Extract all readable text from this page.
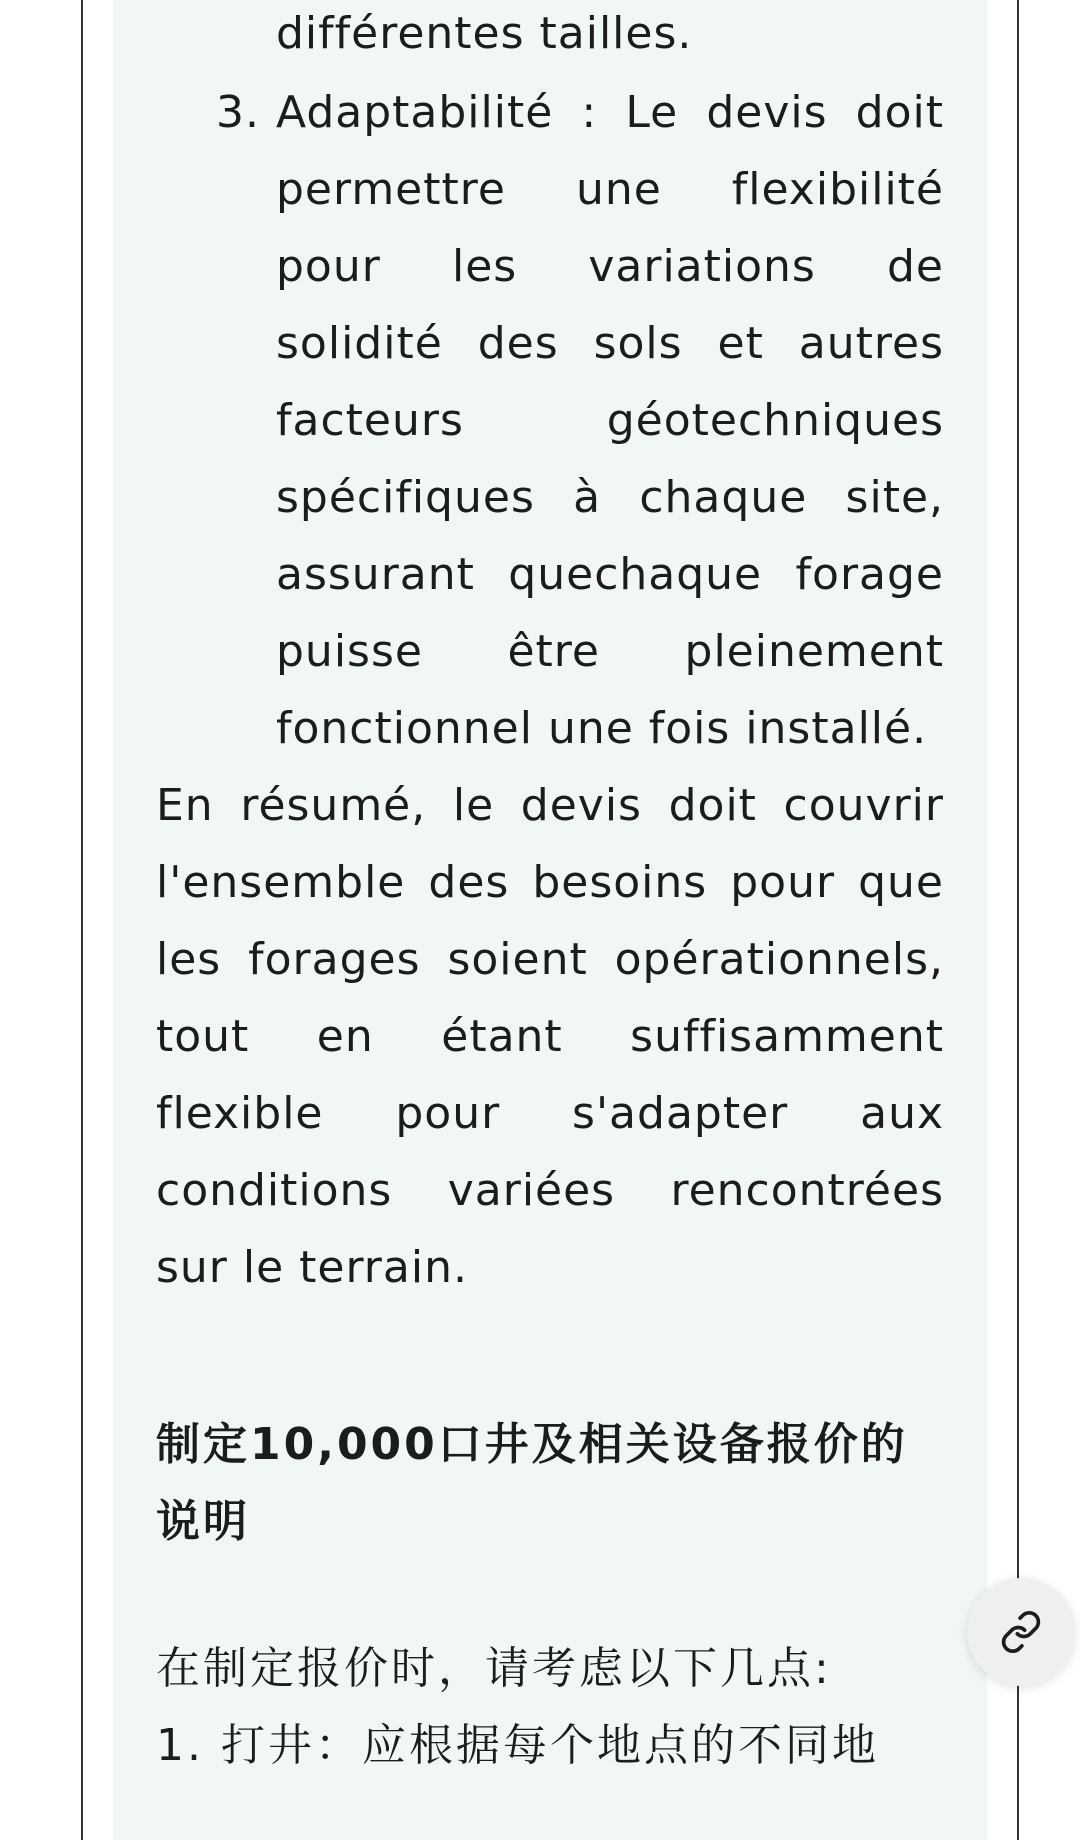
différentes tailles.
3. Adaptabilité : Le devis doit permettre une flexibilité pour les variations de solidité des sols et autres facteurs géotechniques spécifiques à chaque site, assurant quechaque forage puisse être pleinement fonctionnel une fois installé.

En résumé, le devis doit couvrir l'ensemble des besoins pour que les forages soient opérationnels, tout en étant suffisamment flexible pour s'adapter aux conditions variées rencontrées sur le terrain.

制定10,000口井及相关设备报价的说明

在制定报价时，请考虑以下几点:

1. 打井：应根据每个地点的不同地
